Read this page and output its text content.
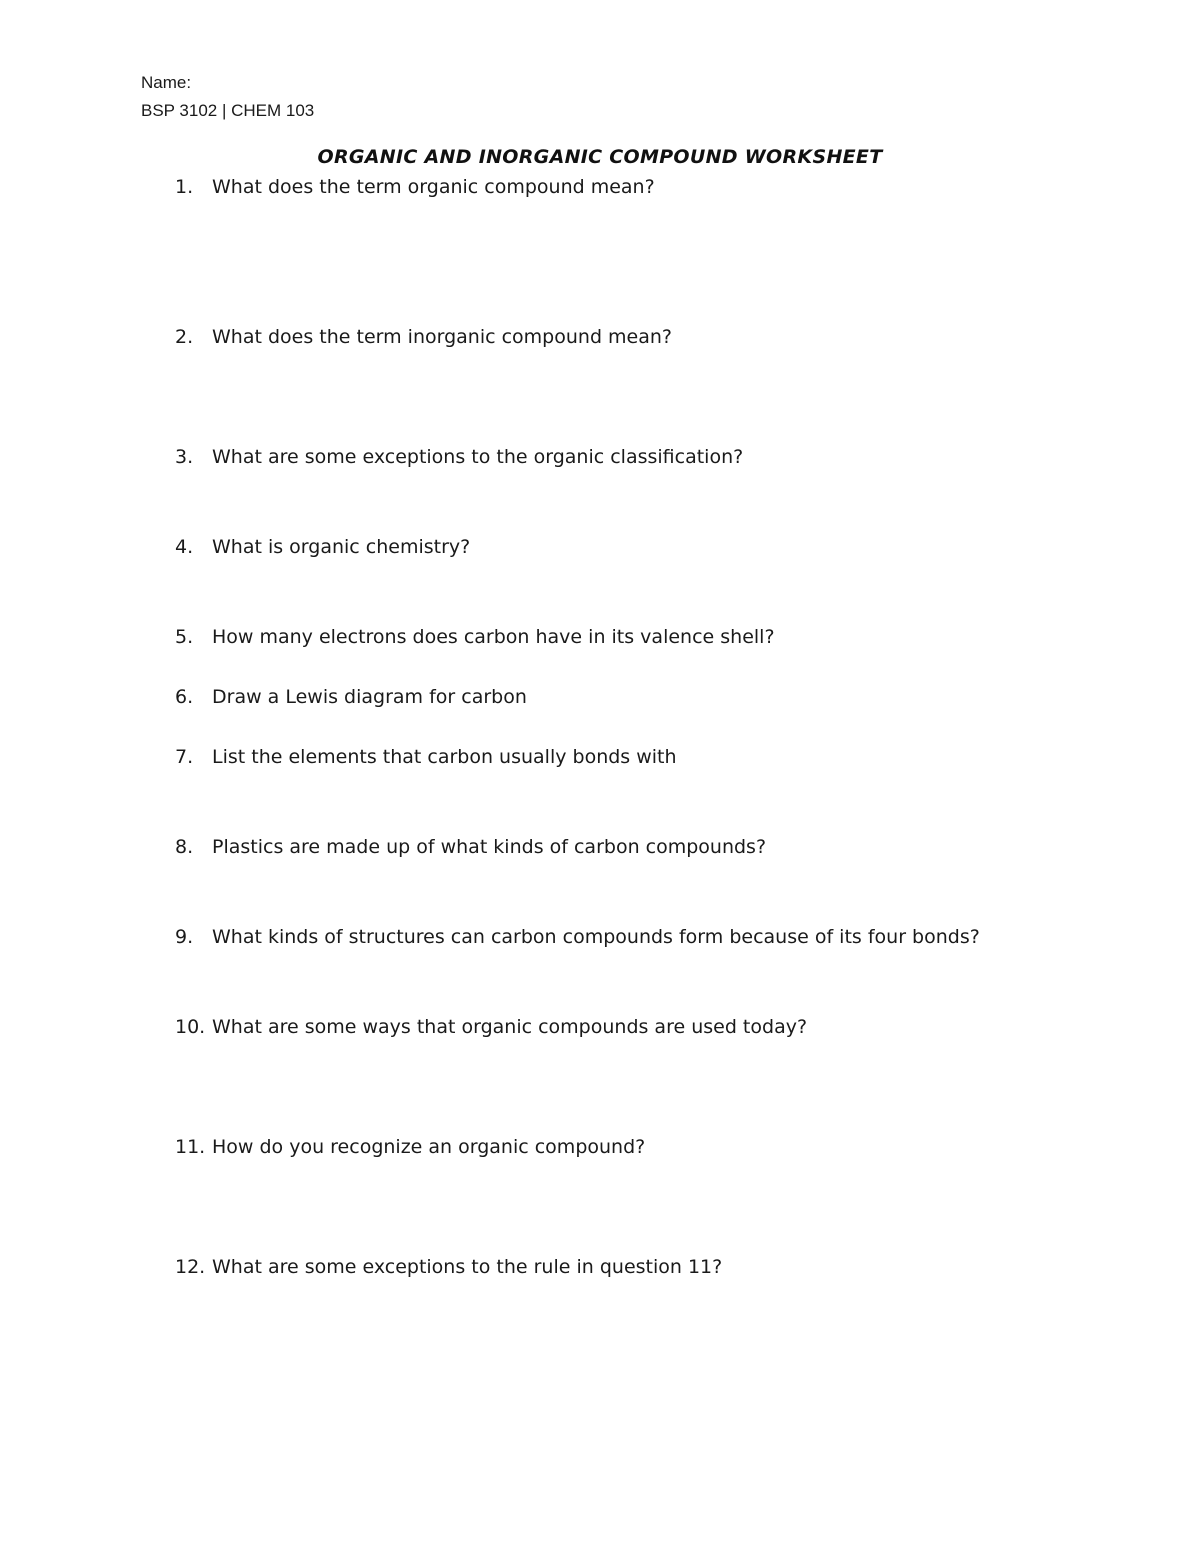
Name:
BSP 3102 | CHEM 103
ORGANIC AND INORGANIC COMPOUND WORKSHEET
1. What does the term organic compound mean?
2. What does the term inorganic compound mean?
3. What are some exceptions to the organic classification?
4. What is organic chemistry?
5. How many electrons does carbon have in its valence shell?
6. Draw a Lewis diagram for carbon
7. List the elements that carbon usually bonds with
8. Plastics are made up of what kinds of carbon compounds?
9. What kinds of structures can carbon compounds form because of its four bonds?
10. What are some ways that organic compounds are used today?
11. How do you recognize an organic compound?
12. What are some exceptions to the rule in question 11?
